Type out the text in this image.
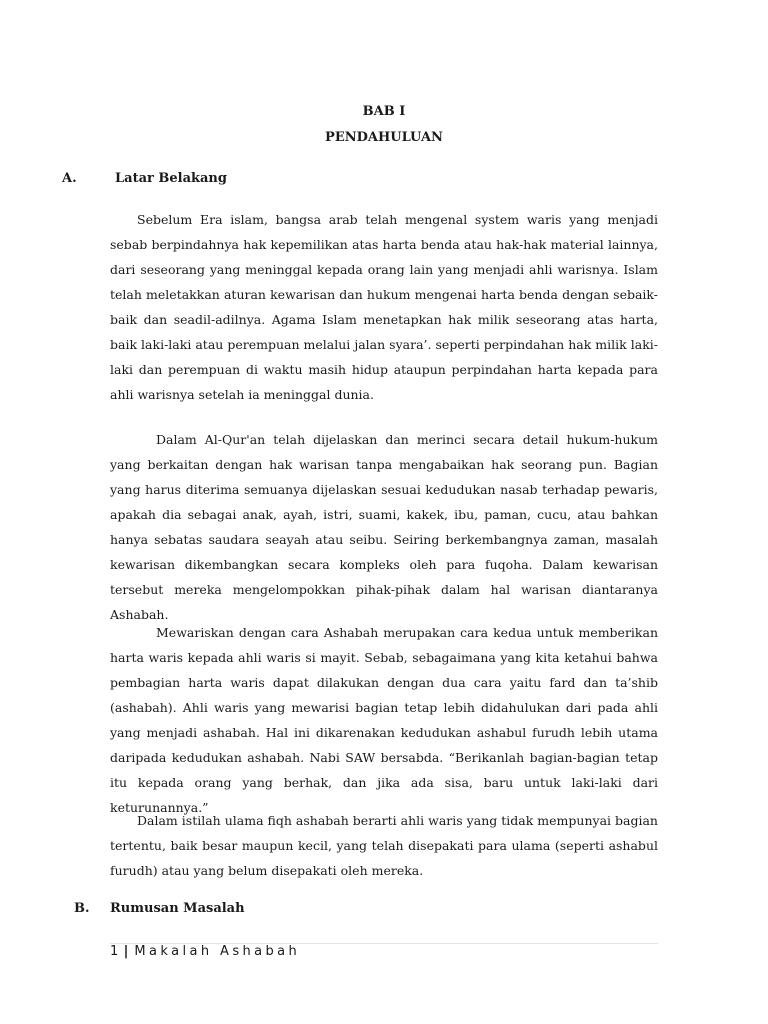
BAB I
PENDAHULUAN
A.	Latar Belakang

Sebelum Era islam, bangsa arab telah mengenal system waris yang menjadi sebab berpindahnya hak kepemilikan atas harta benda atau hak-hak material lainnya, dari seseorang yang meninggal kepada orang lain yang menjadi ahli warisnya. Islam telah meletakkan aturan kewarisan dan hukum mengenai harta benda dengan sebaik-baik dan seadil-adilnya. Agama Islam menetapkan hak milik seseorang atas harta, baik laki-laki atau perempuan melalui jalan syara’. seperti perpindahan hak milik laki-laki dan perempuan di waktu masih hidup ataupun perpindahan harta kepada para ahli warisnya setelah ia meninggal dunia.

Dalam Al-Qur'an telah dijelaskan dan merinci secara detail hukum-hukum yang berkaitan dengan hak warisan tanpa mengabaikan hak seorang pun. Bagian yang harus diterima semuanya dijelaskan sesuai kedudukan nasab terhadap pewaris, apakah dia sebagai anak, ayah, istri, suami, kakek, ibu, paman, cucu, atau bahkan hanya sebatas saudara seayah atau seibu. Seiring berkembangnya zaman, masalah kewarisan dikembangkan secara kompleks oleh para fuqoha. Dalam kewarisan tersebut mereka mengelompokkan pihak-pihak dalam hal warisan diantaranya Ashabah.

Mewariskan dengan cara Ashabah merupakan cara kedua untuk memberikan harta waris kepada ahli waris si mayit. Sebab, sebagaimana yang kita ketahui bahwa pembagian harta waris dapat dilakukan dengan dua cara yaitu fard dan ta’shib (ashabah). Ahli waris yang mewarisi bagian tetap lebih didahulukan dari pada ahli yang menjadi ashabah. Hal ini dikarenakan kedudukan ashabul furudh lebih utama daripada kedudukan ashabah. Nabi SAW bersabda. “Berikanlah bagian-bagian tetap itu kepada orang yang berhak, dan jika ada sisa, baru untuk laki-laki dari keturunannya.”

Dalam istilah ulama fiqh ashabah berarti ahli waris yang tidak mempunyai bagian tertentu, baik besar maupun kecil, yang telah disepakati para ulama (seperti ashabul furudh) atau yang belum disepakati oleh mereka.

B. Rumusan Masalah
1 | Makalah Ashabah
